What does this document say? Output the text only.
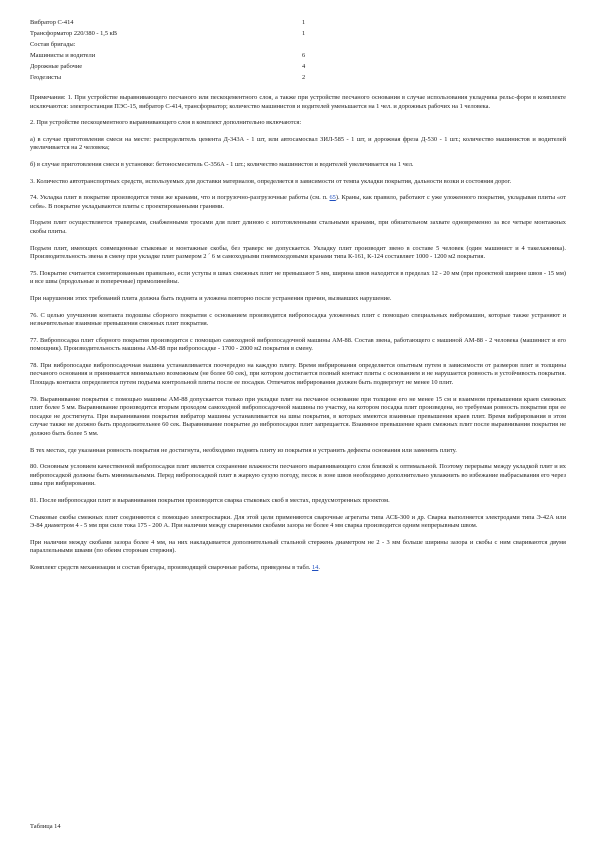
Вибратор С-414	1
Трансформатор 220/380 - 1,5 кВ	1
Состав бригады:
Машинисты и водители	6
Дорожные рабочие	4
Геодезисты	2

Примечания: 1. При устройстве выравнивающего песчаного или пескоцементного слоя, а также при устройстве песчаного основания в случае использования укладчика рельс-форм в комплекте исключаются: электростанция ПЭС-15, вибратор С-414, трансформатор; количество машинистов и водителей уменьшается на 1 чел. и дорожных рабочих на 1 человека.

2. При устройстве пескоцементного выравнивающего слоя в комплект дополнительно включаются:

а) в случае приготовления смеси на месте: распределитель цемента Д-343А - 1 шт, или автосамосвал ЗИЛ-585 - 1 шт, и дорожная фреза Д-530 - 1 шт.; количество машинистов и водителей увеличивается на 2 человека;

б) в случае приготовления смеси в установке: бетоносмеситель С-356А - 1 шт.; количество машинистов и водителей увеличивается на 1 чел.

3. Количество автотранспортных средств, используемых для доставки материалов, определяется в зависимости от темпа укладки покрытия, дальности возки и состояния дорог.

74. Укладка плит в покрытие производится теми же кранами, что и погрузочно-разгрузочные работы (см. п. 65). Краны, как правило, работают с уже уложенного покрытия, укладывая плиты «от себя». В покрытие укладываются плиты с проектированными гранями.

Подъем плит осуществляется траверсами, снабженными тросами для плит длиною с изготовленными стальными кранами, при обязательном захвате одновременно за все четыре монтажных скобы плиты.

Подъем плит, имеющих совмещенные стыковые и монтажные скобы, без траверс не допускается. Укладку плит производит звено в составе 5 человек (один машинист и 4 такелажника). Производительность звена в смену при укладке плит размером 2 ´ 6 м самоходными пневмоходовыми кранами типа К-161, К-124 составляет 1000 - 1200 м2 покрытия.

75. Покрытие считается смонтированным правильно, если уступы в швах смежных плит не превышают 5 мм, ширина швов находится в пределах 12 - 20 мм (при проектной ширине швов - 15 мм) и все швы (продольные и поперечные) прямолинейны.

При нарушении этих требований плита должна быть поднята и уложена повторно после устранения причин, вызвавших нарушение.

76. С целью улучшения контакта подошвы сборного покрытия с основанием производится вибропосадка уложенных плит с помощью специальных вибромашин, которые также устраняют и незначительные взаимные превышения смежных плит покрытия.

77. Вибропосадка плит сборного покрытия производится с помощью самоходной вибропосадочной машины АМ-88. Состав звена, работающего с машиной АМ-88 - 2 человека (машинист и его помощник). Производительность машины АМ-88 при вибропосадке - 1700 - 2000 м2 покрытия в смену.

78. При вибропосадке вибропосадочная машина устанавливается поочередно на каждую плиту. Время вибрирования определяется опытным путем в зависимости от размеров плит и толщины песчаного основания и принимается минимально возможным (не более 60 сек), при котором достигается полный контакт плиты с основанием и не нарушается ровность и устойчивость покрытия. Площадь контакта определяется путем подъема контрольной плиты после ее посадки. Отпечаток вибрирования должен быть подвергнут не менее 10 плит.

79. Выравнивание покрытия с помощью машины АМ-88 допускается только при укладке плит на песчаное основание при толщине его не менее 15 см и взаимном превышении краев смежных плит более 5 мм. Выравнивание производится вторым проходом самоходной вибропосадочной машины по участку, на котором посадка плит произведена, но требуемая ровность покрытия при ее посадке не достигнута. При выравнивании покрытия вибратор машины устанавливается на швы покрытия, в которых имеются взаимные превышения краев плит. Время вибрирования в этом случае также не должно быть продолжительнее 60 сек. Выравнивание покрытие до вибропосадки плит запрещается. Взаимное превышение краев смежных плит после выравнивания покрытия не должно быть более 5 мм.

В тех местах, где указанная ровность покрытия не достигнута, необходимо поднять плиту из покрытия и устранить дефекты основания или заменить плиту.

80. Основным условием качественной вибропосадки плит является сохранение влажности песчаного выравнивающего слоя близкой к оптимальной. Поэтому перерывы между укладкой плит и их вибропосадкой должны быть минимальными. Перед вибропосадкой плит в жаркую сухую погоду, песок в зоне швов необходимо дополнительно увлажнить во избежание выбрасывания его через швы при вибрировании.

81. После вибропосадки плит и выравнивания покрытия производится сварка стыковых скоб в местах, предусмотренных проектом.

Стыковые скобы смежных плит соединяются с помощью электросварки. Для этой цели применяются сварочные агрегаты типа АСБ-300 и др. Сварка выполняется электродами типа Э-42А или Э-84 диаметром 4 - 5 мм при силе тока 175 - 200 А. При наличии между сваренными скобами зазора не более 4 мм сварка производится одним непрерывным швом.

При наличии между скобами зазора более 4 мм, на них накладывается дополнительный стальной стержень диаметром не 2 - 3 мм больше ширины зазора и скобы с ним свариваются двумя параллельными швами (по обеим сторонам стержня).

Комплект средств механизации и состав бригады, производящей сварочные работы, приведены в табл. 14.

Таблица 14
